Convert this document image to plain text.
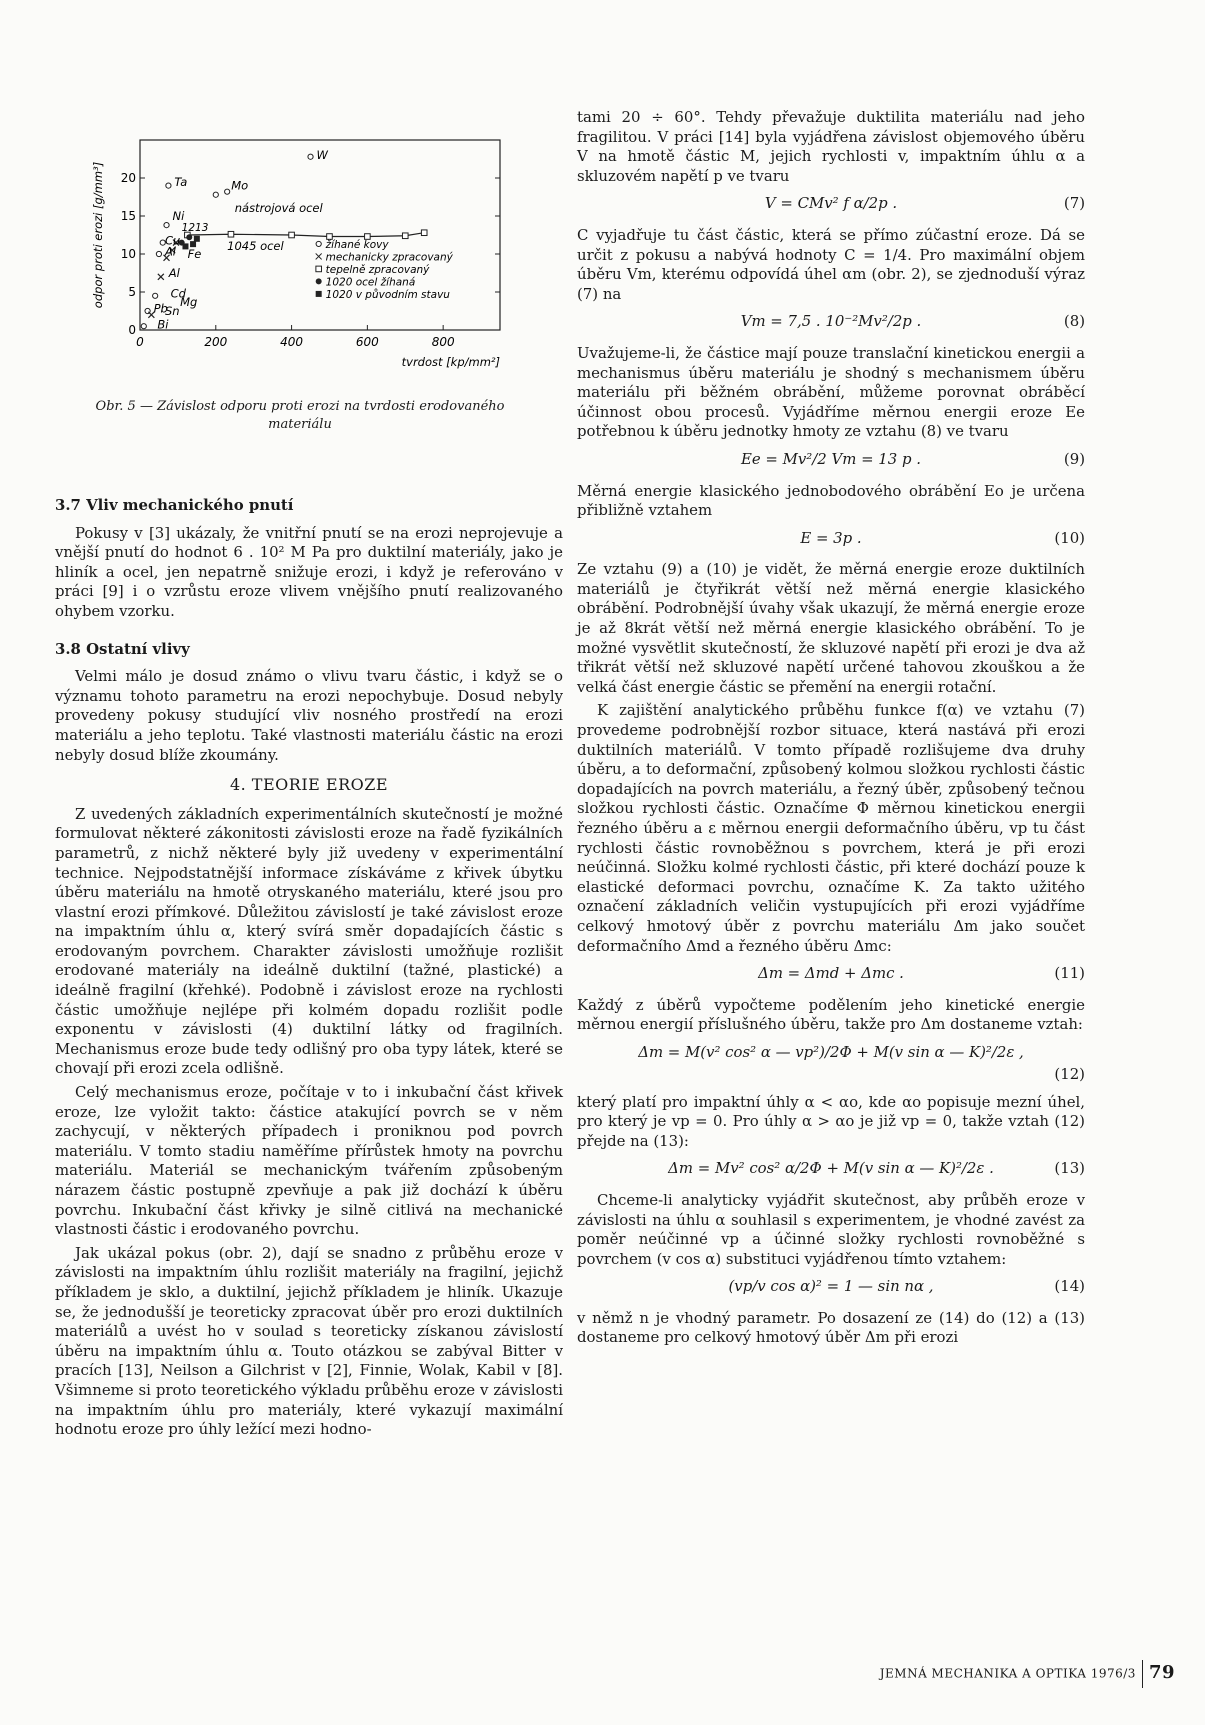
0	200	400	600	800
0
5
10
15
20
tvrdost [kp/mm²]
odpor proti erozi [g/mm³]
W
Mo
Ta
Ni
Cu
Al Fe
Al
Cd
Mg
Pb
Sn
Bi
nástrojová ocel
1045 ocel
1213
žíhané kovy
mechanicky zpracovaný
tepelně zpracovaný
1020 ocel žíhaná
1020 v původním stavu
Obr. 5 — Závislost odporu proti erozi na tvrdosti erodovaného materiálu
3.7 Vliv mechanického pnutí

Pokusy v [3] ukázaly, že vnitřní pnutí se na erozi neprojevuje a vnější pnutí do hodnot 6 . 10² M Pa pro duktilní materiály, jako je hliník a ocel, jen nepatrně snižuje erozi, i když je referováno v práci [9] i o vzrůstu eroze vlivem vnějšího pnutí realizovaného ohybem vzorku.

3.8 Ostatní vlivy

Velmi málo je dosud známo o vlivu tvaru částic, i když se o významu tohoto parametru na erozi nepochybuje. Dosud nebyly provedeny pokusy studující vliv nosného prostředí na erozi materiálu a jeho teplotu. Také vlastnosti materiálu částic na erozi nebyly dosud blíže zkoumány.

4. TEORIE EROZE

Z uvedených základních experimentálních skutečností je možné formulovat některé zákonitosti závislosti eroze na řadě fyzikálních parametrů, z nichž některé byly již uvedeny v experimentální technice. Nejpodstatnější informace získáváme z křivek úbytku úběru materiálu na hmotě otryskaného materiálu, které jsou pro vlastní erozi přímkové. Důležitou závislostí je také závislost eroze na impaktním úhlu α, který svírá směr dopadajících částic s erodovaným povrchem. Charakter závislosti umožňuje rozlišit erodované materiály na ideálně duktilní (tažné, plastické) a ideálně fragilní (křehké). Podobně i závislost eroze na rychlosti částic umožňuje nejlépe při kolmém dopadu rozlišit podle exponentu v závislosti (4) duktilní látky od fragilních. Mechanismus eroze bude tedy odlišný pro oba typy látek, které se chovají při erozi zcela odlišně.

Celý mechanismus eroze, počítaje v to i inkubační část křivek eroze, lze vyložit takto: částice atakující povrch se v něm zachycují, v některých případech i proniknou pod povrch materiálu. V tomto stadiu naměříme přírůstek hmoty na povrchu materiálu. Materiál se mechanickým tvářením způsobeným nárazem částic postupně zpevňuje a pak již dochází k úběru povrchu. Inkubační část křivky je silně citlivá na mechanické vlastnosti částic i erodovaného povrchu.

Jak ukázal pokus (obr. 2), dají se snadno z průběhu eroze v závislosti na impaktním úhlu rozlišit materiály na fragilní, jejichž příkladem je sklo, a duktilní, jejichž příkladem je hliník. Ukazuje se, že jednodušší je teoreticky zpracovat úběr pro erozi duktilních materiálů a uvést ho v soulad s teoreticky získanou závislostí úběru na impaktním úhlu α. Touto otázkou se zabýval Bitter v pracích [13], Neilson a Gilchrist v [2], Finnie, Wolak, Kabil v [8]. Všimneme si proto teoretického výkladu průběhu eroze v závislosti na impaktním úhlu pro materiály, které vykazují maximální hodnotu eroze pro úhly ležící mezi hodno-

tami 20 ÷ 60°. Tehdy převažuje duktilita materiálu nad jeho fragilitou. V práci [14] byla vyjádřena závislost objemového úběru V na hmotě částic M, jejich rychlosti v, impaktním úhlu α a skluzovém napětí p ve tvaru

V = CMv² f α/2p .	(7)

C vyjadřuje tu část částic, která se přímo zúčastní eroze. Dá se určit z pokusu a nabývá hodnoty C = 1/4. Pro maximální objem úběru Vm, kterému odpovídá úhel αm (obr. 2), se zjednoduší výraz (7) na

Vm = 7,5 . 10⁻²Mv²/2p .	(8)

Uvažujeme-li, že částice mají pouze translační kinetickou energii a mechanismus úběru materiálu je shodný s mechanismem úběru materiálu při běžném obrábění, můžeme porovnat obráběcí účinnost obou procesů. Vyjádříme měrnou energii eroze Ee potřebnou k úběru jednotky hmoty ze vztahu (8) ve tvaru

Ee = Mv²/2 Vm = 13 p .	(9)

Měrná energie klasického jednobodového obrábění Eo je určena přibližně vztahem

E = 3p .	(10)

Ze vztahu (9) a (10) je vidět, že měrná energie eroze duktilních materiálů je čtyřikrát větší než měrná energie klasického obrábění. Podrobnější úvahy však ukazují, že měrná energie eroze je až 8krát větší než měrná energie klasického obrábění. To je možné vysvětlit skutečností, že skluzové napětí při erozi je dva až třikrát větší než skluzové napětí určené tahovou zkouškou a že velká část energie částic se přemění na energii rotační.

K zajištění analytického průběhu funkce f(α) ve vztahu (7) provedeme podrobnější rozbor situace, která nastává při erozi duktilních materiálů. V tomto případě rozlišujeme dva druhy úběru, a to deformační, způsobený kolmou složkou rychlosti částic dopadajících na povrch materiálu, a řezný úběr, způsobený tečnou složkou rychlosti částic. Označíme Φ měrnou kinetickou energii řezného úběru a ε měrnou energii deformačního úběru, vp tu část rychlosti částic rovnoběžnou s povrchem, která je při erozi neúčinná. Složku kolmé rychlosti částic, při které dochází pouze k elastické deformaci povrchu, označíme K. Za takto užitého označení základních veličin vystupujících při erozi vyjádříme celkový hmotový úběr z povrchu materiálu Δm jako součet deformačního Δmd a řezného úběru Δmc:

Δm = Δmd + Δmc .	(11)

Každý z úběrů vypočteme podělením jeho kinetické energie měrnou energií příslušného úběru, takže pro Δm dostaneme vztah:

Δm = M(v² cos² α — vp²)/2Φ + M(v sin α — K)²/2ε ,
(12)

který platí pro impaktní úhly α < αo, kde αo popisuje mezní úhel, pro který je vp = 0. Pro úhly α > αo je již vp = 0, takže vztah (12) přejde na (13):

Δm = Mv² cos² α/2Φ + M(v sin α — K)²/2ε .	(13)

Chceme-li analyticky vyjádřit skutečnost, aby průběh eroze v závislosti na úhlu α souhlasil s experimentem, je vhodné zavést za poměr neúčinné vp a účinné složky rychlosti rovnoběžné s povrchem (v cos α) substituci vyjádřenou tímto vztahem:

(vp/v cos α)² = 1 — sin nα ,	(14)

v němž n je vhodný parametr. Po dosazení ze (14) do (12) a (13) dostaneme pro celkový hmotový úběr Δm při erozi

JEMNÁ MECHANIKA A OPTIKA 1976/3 79
